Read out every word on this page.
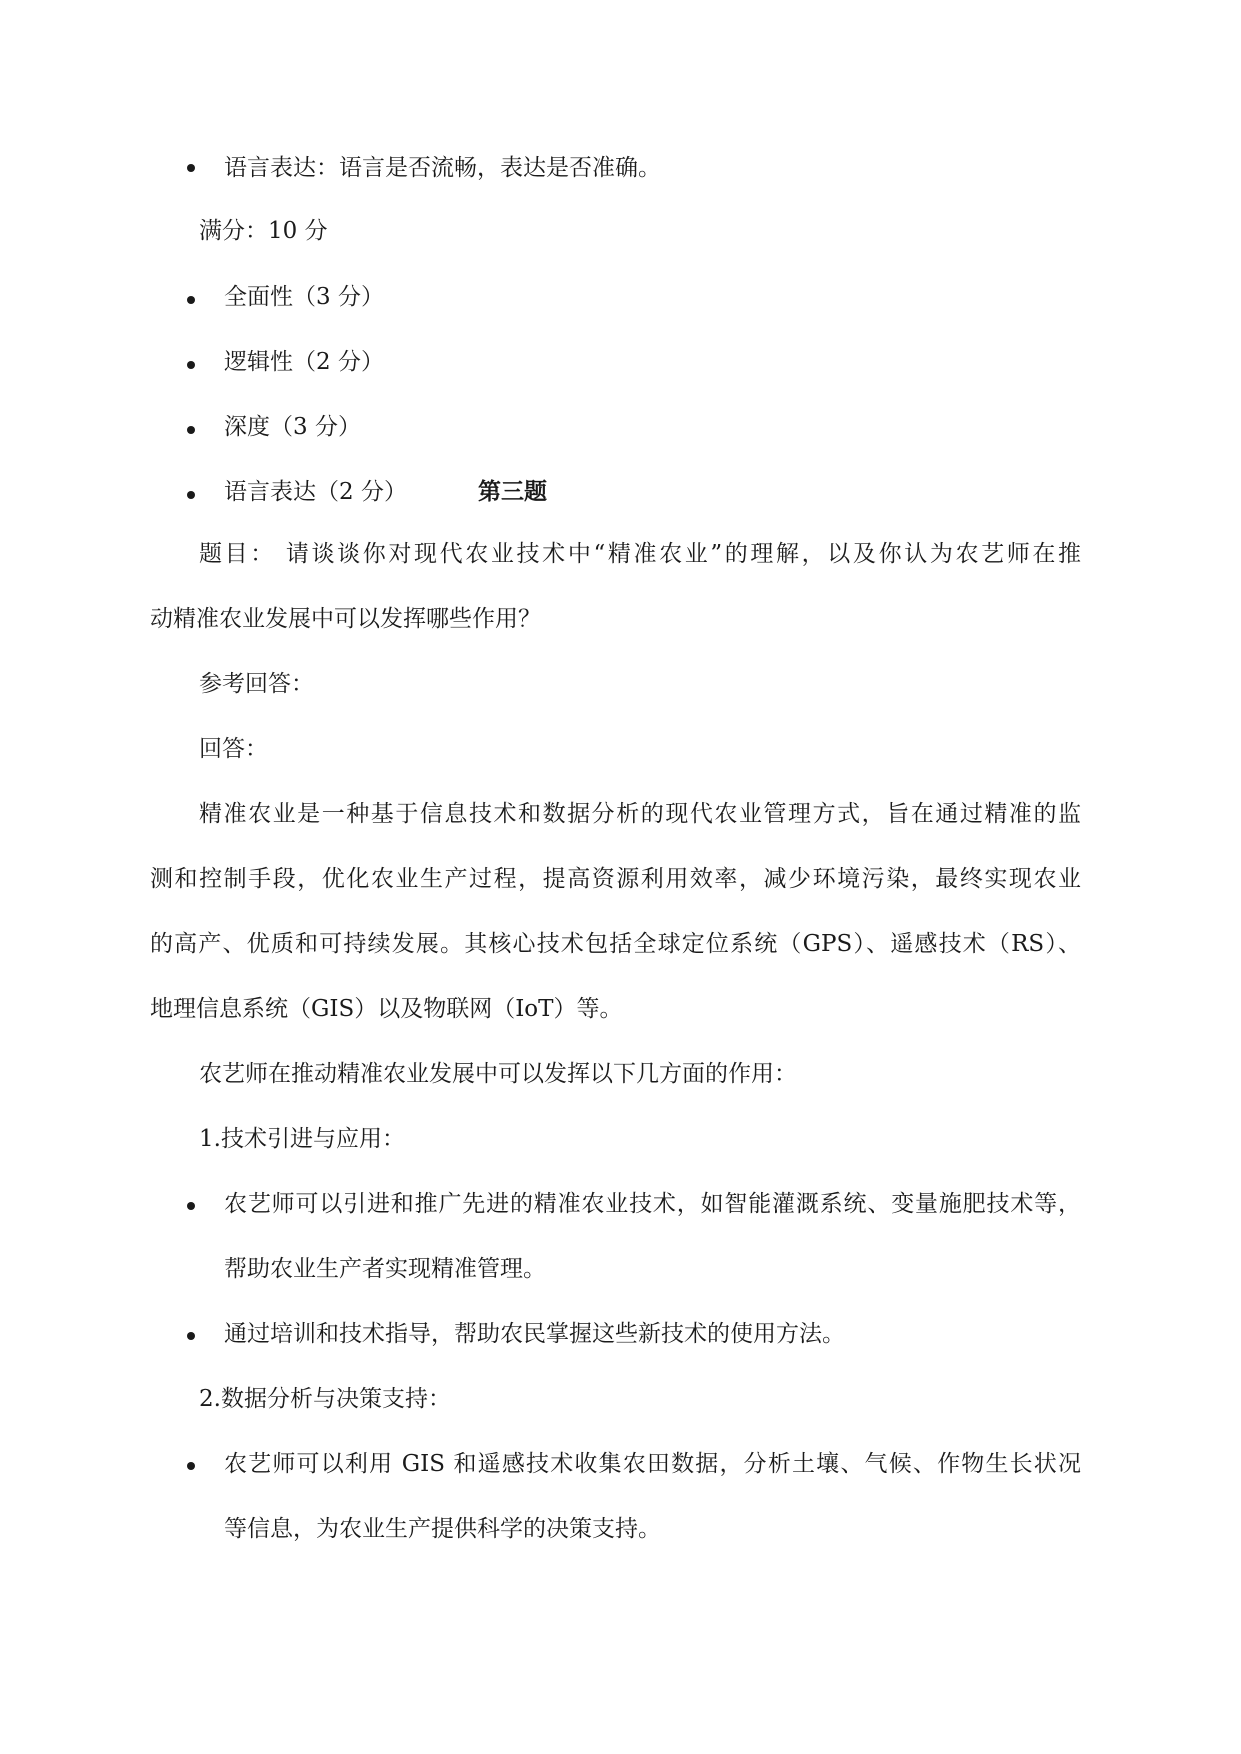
语言表达：语言是否流畅，表达是否准确。
满分：10 分
全面性（3 分）
逻辑性（2 分）
深度（3 分）
语言表达（2 分）	第三题
题目： 请谈谈你对现代农业技术中“精准农业”的理解，以及你认为农艺师在推
动精准农业发展中可以发挥哪些作用？
参考回答：
回答：
精准农业是一种基于信息技术和数据分析的现代农业管理方式，旨在通过精准的监
测和控制手段，优化农业生产过程，提高资源利用效率，减少环境污染，最终实现农业
的高产、优质和可持续发展。其核心技术包括全球定位系统（GPS）、遥感技术（RS）、
地理信息系统（GIS）以及物联网（IoT）等。
农艺师在推动精准农业发展中可以发挥以下几方面的作用：
1.技术引进与应用：
农艺师可以引进和推广先进的精准农业技术，如智能灌溉系统、变量施肥技术等，
帮助农业生产者实现精准管理。
通过培训和技术指导，帮助农民掌握这些新技术的使用方法。
2.数据分析与决策支持：
农艺师可以利用 GIS 和遥感技术收集农田数据，分析土壤、气候、作物生长状况
等信息，为农业生产提供科学的决策支持。
